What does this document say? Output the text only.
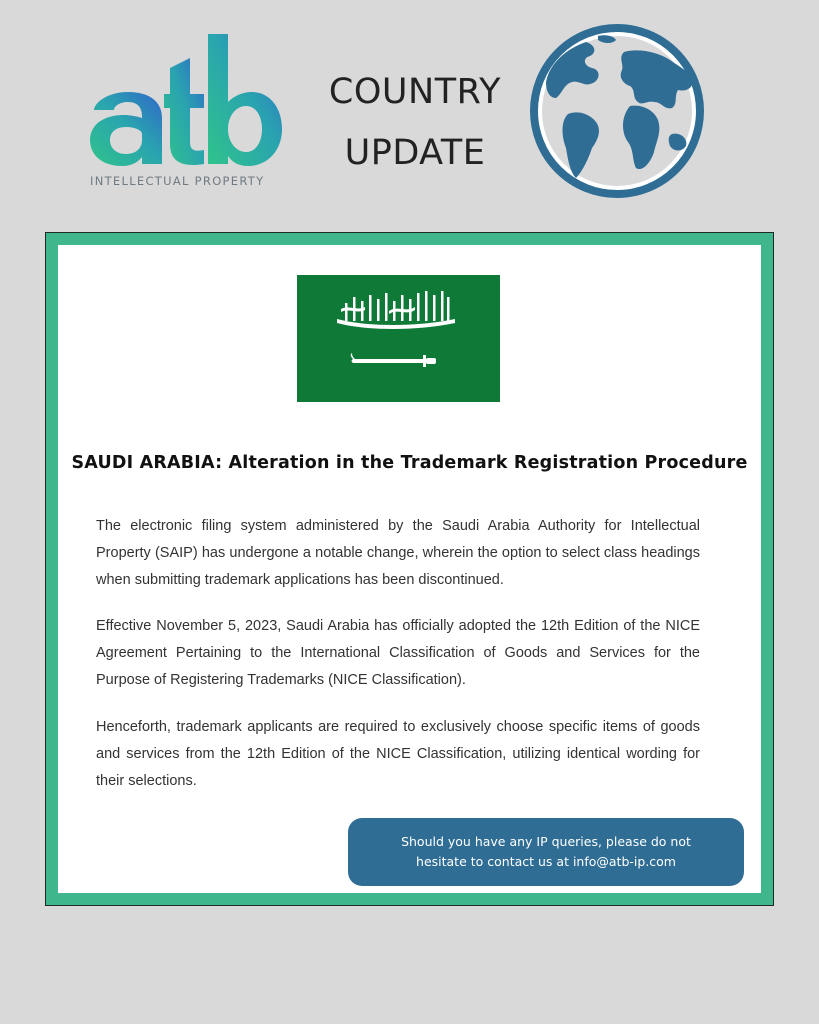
INTELLECTUAL PROPERTY
COUNTRY
UPDATE
SAUDI ARABIA: Alteration in the Trademark Registration Procedure

The electronic filing system administered by the Saudi Arabia Authority for Intellectual Property (SAIP) has undergone a notable change, wherein the option to select class headings when submitting trademark applications has been discontinued.

Effective November 5, 2023, Saudi Arabia has officially adopted the 12th Edition of the NICE Agreement Pertaining to the International Classification of Goods and Services for the Purpose of Registering Trademarks (NICE Classification).

Henceforth, trademark applicants are required to exclusively choose specific items of goods and services from the 12th Edition of the NICE Classification, utilizing identical wording for their selections.

Should you have any IP queries, please do not
hesitate to contact us at info@atb-ip.com
